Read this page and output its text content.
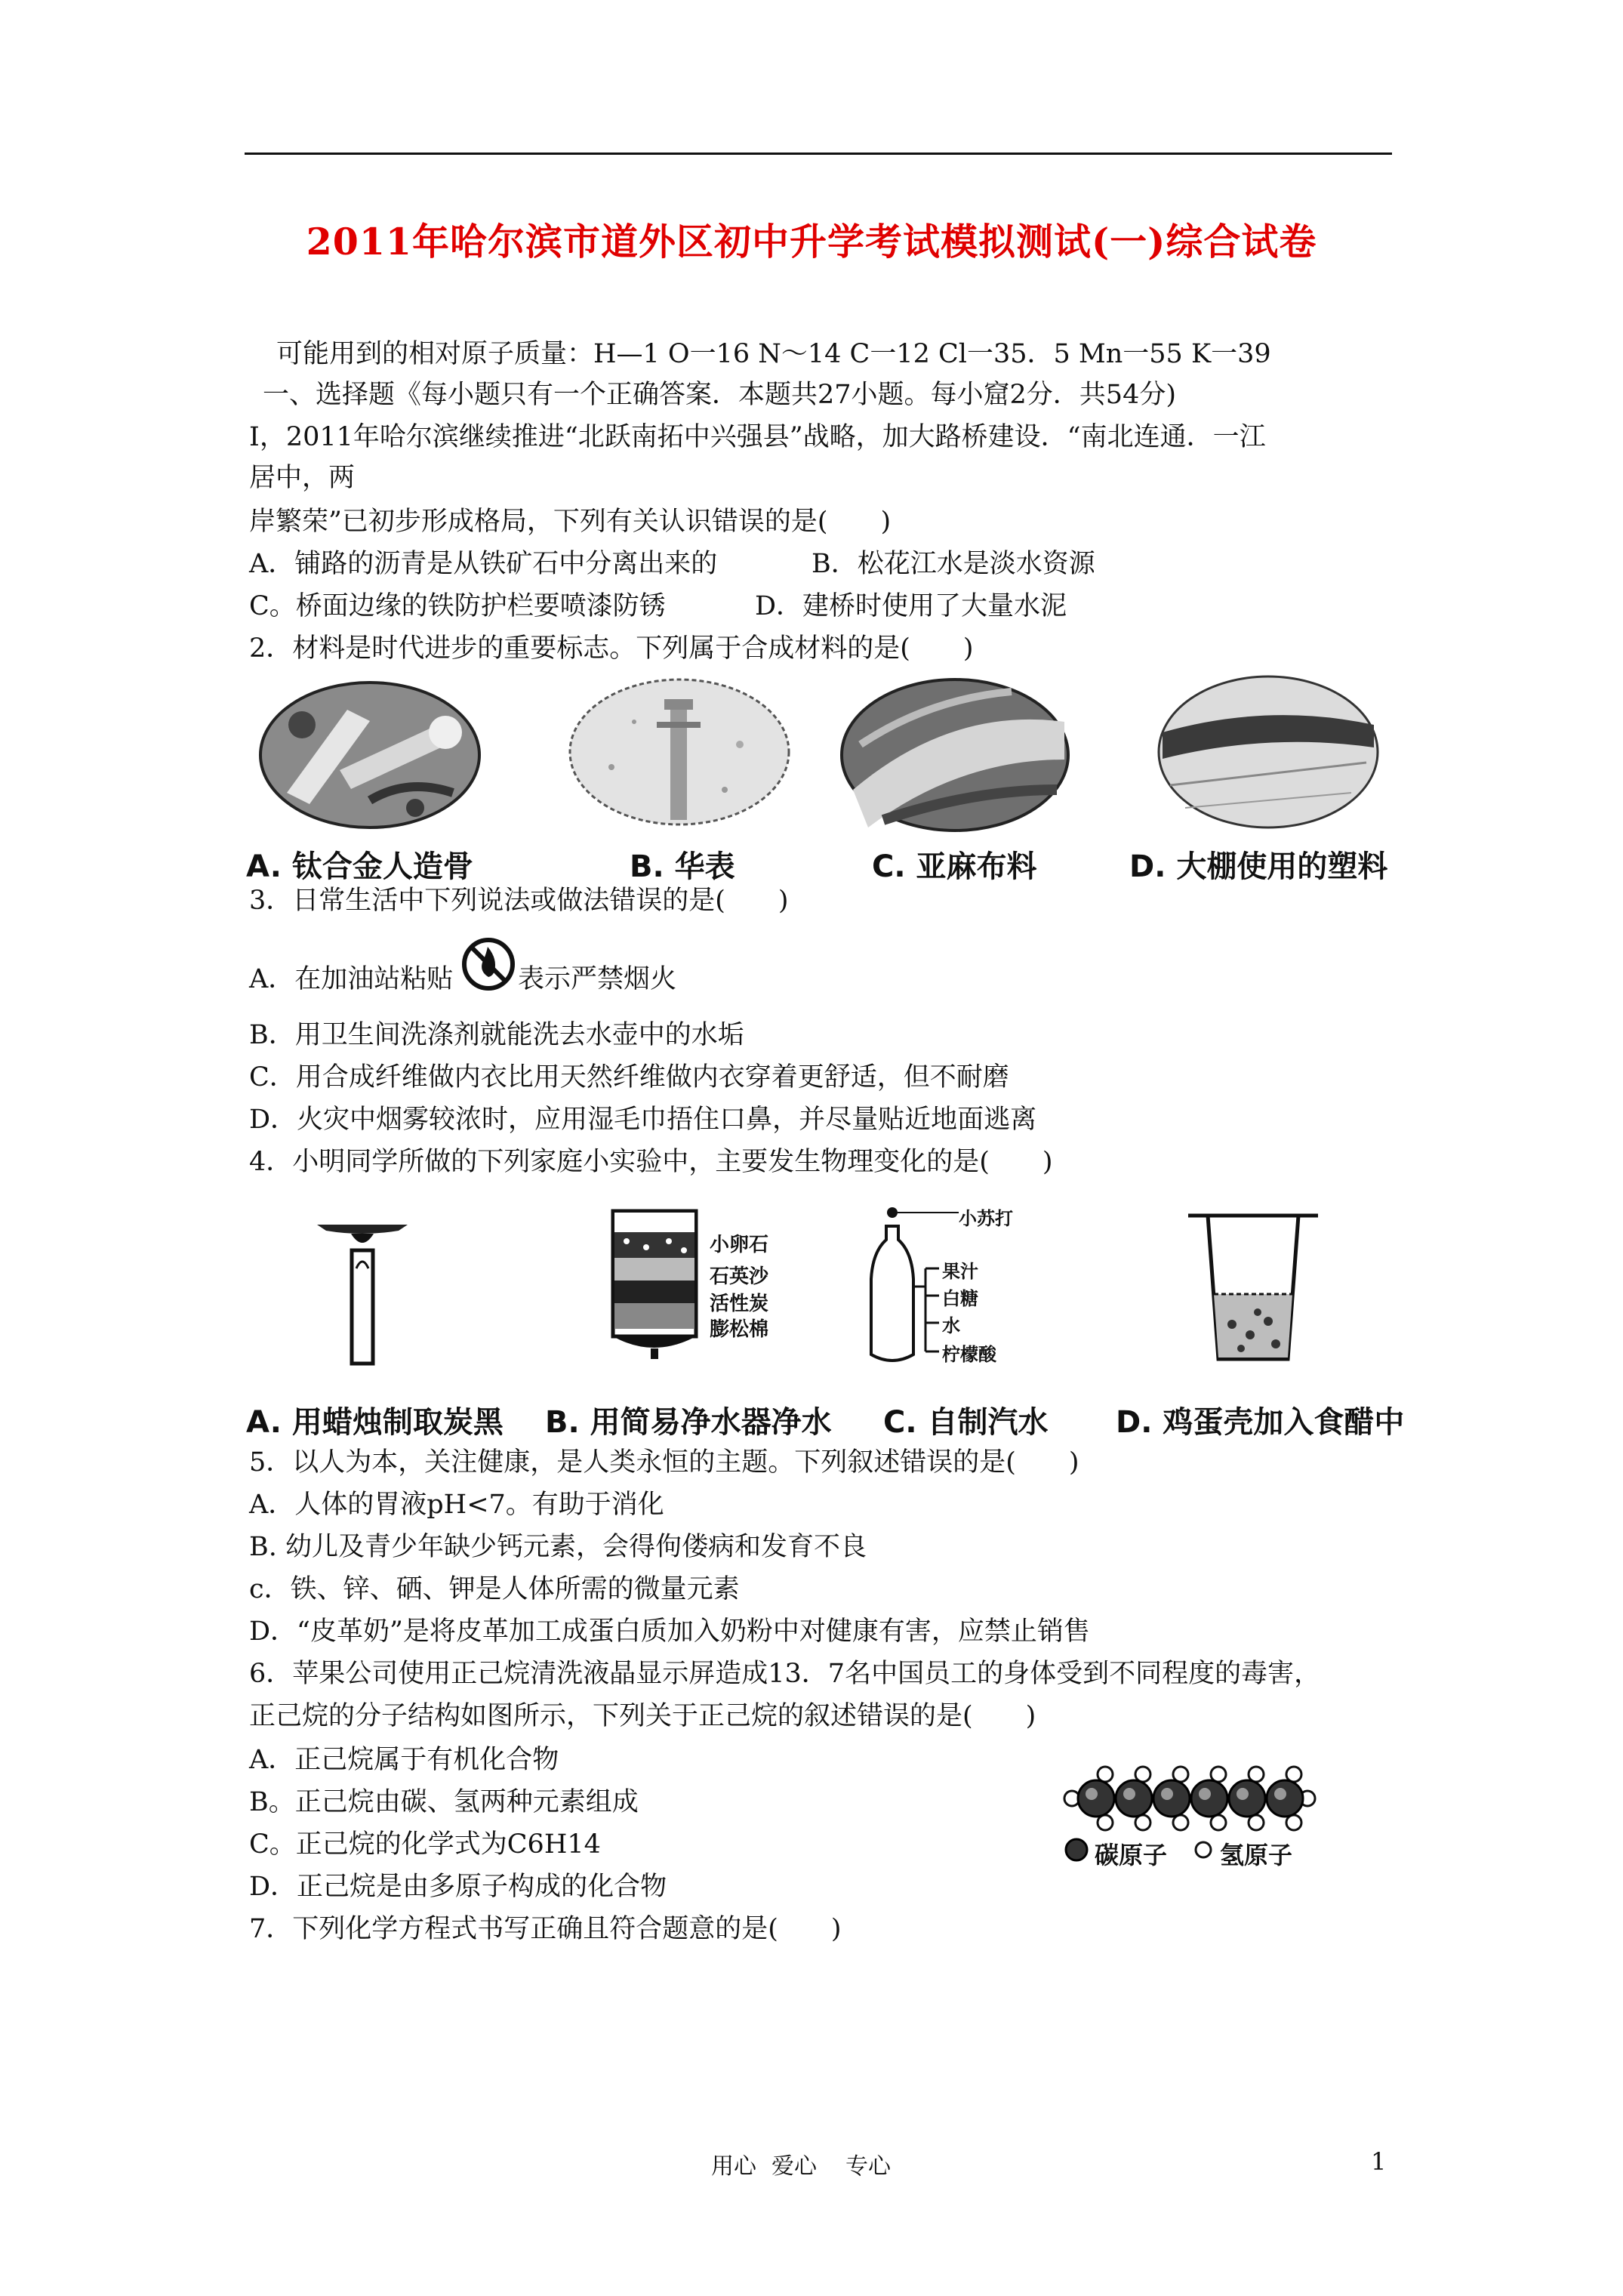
2011年哈尔滨市道外区初中升学考试模拟测试(一)综合试卷
可能用到的相对原子质量：H—1 O一16 N～14 C一12 Cl一35．5 Mn一55 K一39
一、选择题《每小题只有一个正确答案．本题共27小题。每小窟2分．共54分)
I，2011年哈尔滨继续推进“北跃南拓中兴强县”战略，加大路桥建设．“南北连通．一江
居中，两
岸繁荣”已初步形成格局，下列有关认识错误的是(　　)
A．铺路的沥青是从铁矿石中分离出来的	B．松花江水是淡水资源
C。桥面边缘的铁防护栏要喷漆防锈	D．建桥时使用了大量水泥
2．材料是时代进步的重要标志。下列属于合成材料的是(　　)
A. 钛合金人造骨	B. 华表	C. 亚麻布料	D. 大棚使用的塑料
3．日常生活中下列说法或做法错误的是(　　)
A．在加油站粘贴 表示严禁烟火
B．用卫生间洗涤剂就能洗去水壶中的水垢
C．用合成纤维做内衣比用天然纤维做内衣穿着更舒适，但不耐磨
D．火灾中烟雾较浓时，应用湿毛巾捂住口鼻，并尽量贴近地面逃离
4．小明同学所做的下列家庭小实验中，主要发生物理变化的是(　　)
小卵石
石英沙
活性炭
膨松棉
小苏打
果汁
白糖
水
柠檬酸
A. 用蜡烛制取炭黑 B. 用简易净水器净水 C. 自制汽水 D. 鸡蛋壳加入食醋中
5．以人为本，关注健康，是人类永恒的主题。下列叙述错误的是(　　)
A．人体的胃液pH<7。有助于消化
B. 幼儿及青少年缺少钙元素，会得佝偻病和发育不良
c．铁、锌、硒、钾是人体所需的微量元素
D．“皮革奶”是将皮革加工成蛋白质加入奶粉中对健康有害，应禁止销售
6．苹果公司使用正己烷清洗液晶显示屏造成13．7名中国员工的身体受到不同程度的毒害，
正己烷的分子结构如图所示，下列关于正己烷的叙述错误的是(　　)
A．正己烷属于有机化合物
B。正己烷由碳、氢两种元素组成
C。正己烷的化学式为C6H14
D．正己烷是由多原子构成的化合物
碳原子 氢原子
7．下列化学方程式书写正确且符合题意的是(　　)
用心 爱心 专心	1
